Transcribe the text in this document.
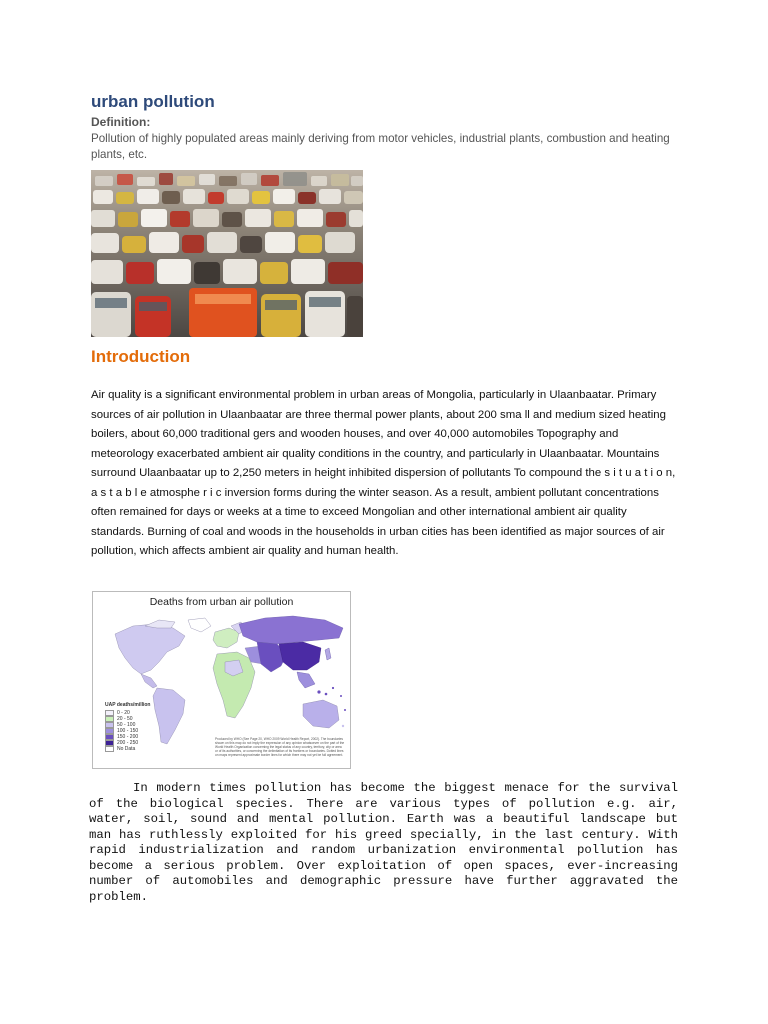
urban pollution
Definition:

Pollution of highly populated areas mainly deriving from motor vehicles, industrial plants, combustion and heating plants, etc.

Introduction

Air quality is a significant environmental problem in urban areas of Mongolia, particularly in Ulaanbaatar. Primary sources of air pollution in Ulaanbaatar are three thermal power plants, about 200 sma ll and medium sized heating boilers, about 60,000 traditional gers and wooden houses, and over 40,000 automobiles Topography and meteorology exacerbated ambient air quality conditions in the country, and particularly in Ulaanbaatar. Mountains surround Ulaanbaatar up to 2,250 meters in height inhibited dispersion of pollutants To compound the s i t u a t i o n, a s t a b l e atmosphe r i c inversion forms during the winter season. As a result, ambient pollutant concentrations often remained for days or weeks at a time to exceed Mongolian and other international ambient air quality standards. Burning of coal and woods in the households in urban cities has been identified as major sources of air pollution, which affects ambient air quality and human health.

Deaths from urban air pollution
UAP deaths/million
0 - 20
20 - 50
50 - 100
100 - 150
150 - 200
200 - 250
No Data
Produced by WHO (See Page 20, WHO 2009 World Health Report, 2002). The boundaries shown on this map do not imply the expression of any opinion whatsoever on the part of the World Health Organization concerning the legal status of any country, territory, city or area or of its authorities, or concerning the delimitation of its frontiers or boundaries. Dotted lines on maps represent approximate border lines for which there may not yet be full agreement.

In modern times pollution has become the biggest menace for the survival of the biological species. There are various types of pollution e.g. air, water, soil, sound and mental pollution. Earth was a beautiful landscape but man has ruthlessly exploited for his greed specially, in the last century. With rapid industrialization and random urbanization environmental pollution has become a serious problem. Over exploitation of open spaces, ever-increasing number of automobiles and demographic pressure have further aggravated the problem.
